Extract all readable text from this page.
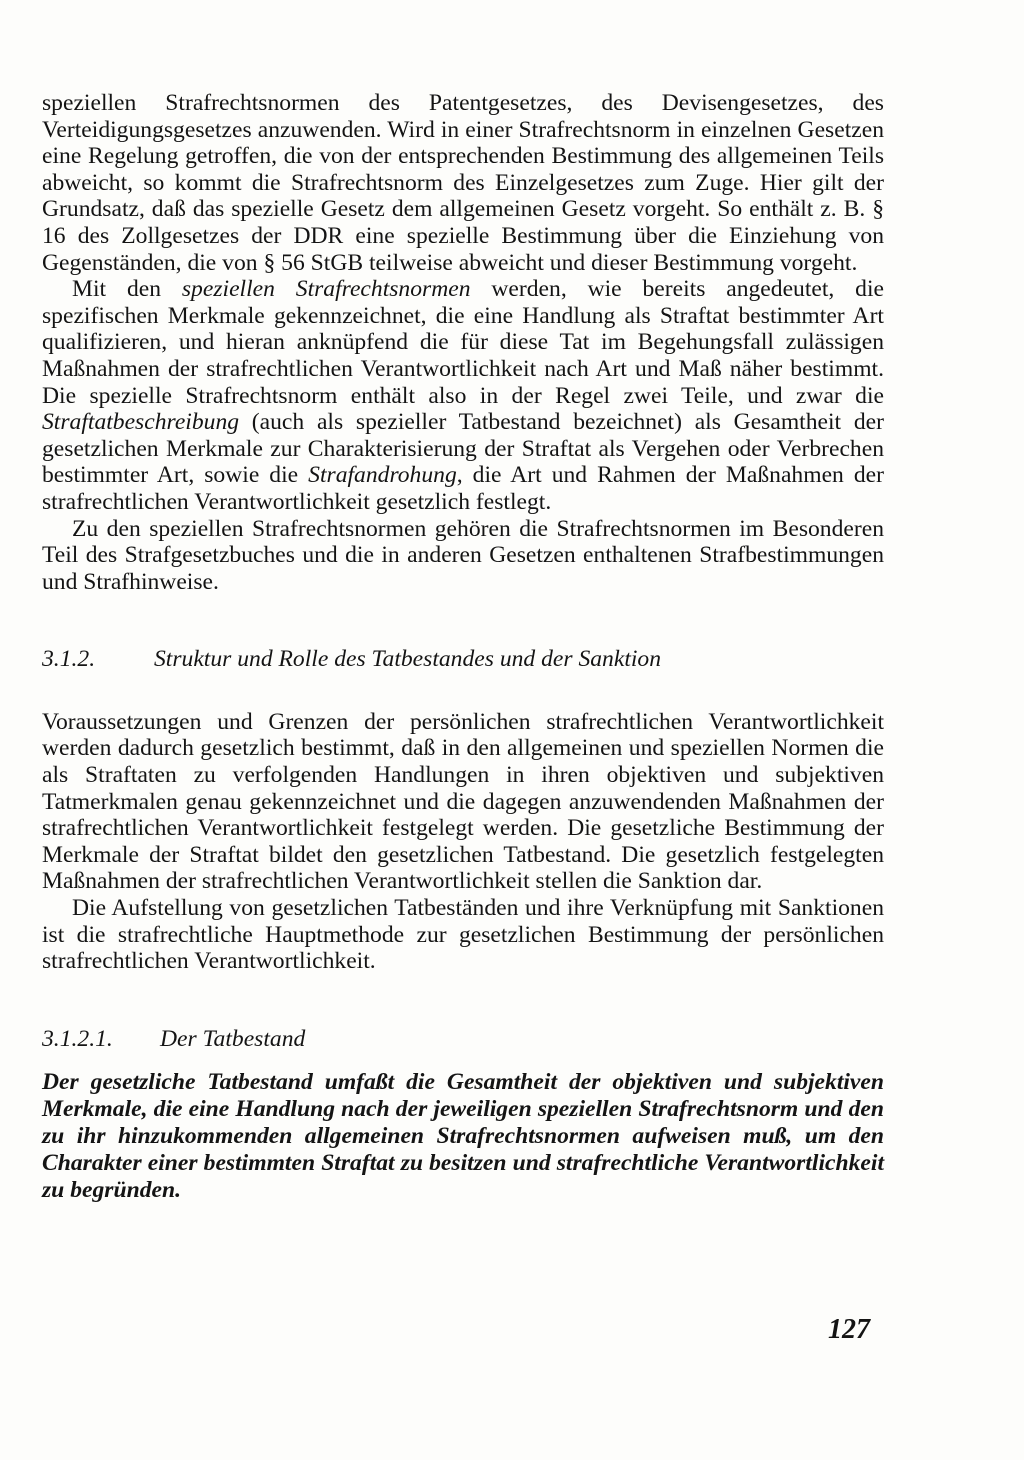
speziellen Strafrechtsnormen des Patentgesetzes, des Devisengesetzes, des Verteidigungsgesetzes anzuwenden. Wird in einer Strafrechtsnorm in einzelnen Gesetzen eine Regelung getroffen, die von der entsprechenden Bestimmung des allgemeinen Teils abweicht, so kommt die Strafrechtsnorm des Einzelgesetzes zum Zuge. Hier gilt der Grundsatz, daß das spezielle Gesetz dem allgemeinen Gesetz vorgeht. So enthält z. B. § 16 des Zollgesetzes der DDR eine spezielle Bestimmung über die Einziehung von Gegenständen, die von § 56 StGB teilweise abweicht und dieser Bestimmung vorgeht.

Mit den speziellen Strafrechtsnormen werden, wie bereits angedeutet, die spezifischen Merkmale gekennzeichnet, die eine Handlung als Straftat bestimmter Art qualifizieren, und hieran anknüpfend die für diese Tat im Begehungsfall zulässigen Maßnahmen der strafrechtlichen Verantwortlichkeit nach Art und Maß näher bestimmt. Die spezielle Strafrechtsnorm enthält also in der Regel zwei Teile, und zwar die Straftatbeschreibung (auch als spezieller Tatbestand bezeichnet) als Gesamtheit der gesetzlichen Merkmale zur Charakterisierung der Straftat als Vergehen oder Verbrechen bestimmter Art, sowie die Strafandrohung, die Art und Rahmen der Maßnahmen der strafrechtlichen Verantwortlichkeit gesetzlich festlegt.

Zu den speziellen Strafrechtsnormen gehören die Strafrechtsnormen im Besonderen Teil des Strafgesetzbuches und die in anderen Gesetzen enthaltenen Strafbestimmungen und Strafhinweise.

3.1.2.	Struktur und Rolle des Tatbestandes und der Sanktion

Voraussetzungen und Grenzen der persönlichen strafrechtlichen Verantwortlichkeit werden dadurch gesetzlich bestimmt, daß in den allgemeinen und speziellen Normen die als Straftaten zu verfolgenden Handlungen in ihren objektiven und subjektiven Tatmerkmalen genau gekennzeichnet und die dagegen anzuwendenden Maßnahmen der strafrechtlichen Verantwortlichkeit festgelegt werden. Die gesetzliche Bestimmung der Merkmale der Straftat bildet den gesetzlichen Tatbestand. Die gesetzlich festgelegten Maßnahmen der strafrechtlichen Verantwortlichkeit stellen die Sanktion dar.

Die Aufstellung von gesetzlichen Tatbeständen und ihre Verknüpfung mit Sanktionen ist die strafrechtliche Hauptmethode zur gesetzlichen Bestimmung der persönlichen strafrechtlichen Verantwortlichkeit.

3.1.2.1.	Der Tatbestand

Der gesetzliche Tatbestand umfaßt die Gesamtheit der objektiven und subjektiven Merkmale, die eine Handlung nach der jeweiligen speziellen Strafrechtsnorm und den zu ihr hinzukommenden allgemeinen Strafrechtsnormen aufweisen muß, um den Charakter einer bestimmten Straftat zu besitzen und strafrechtliche Verantwortlichkeit zu begründen.

127
